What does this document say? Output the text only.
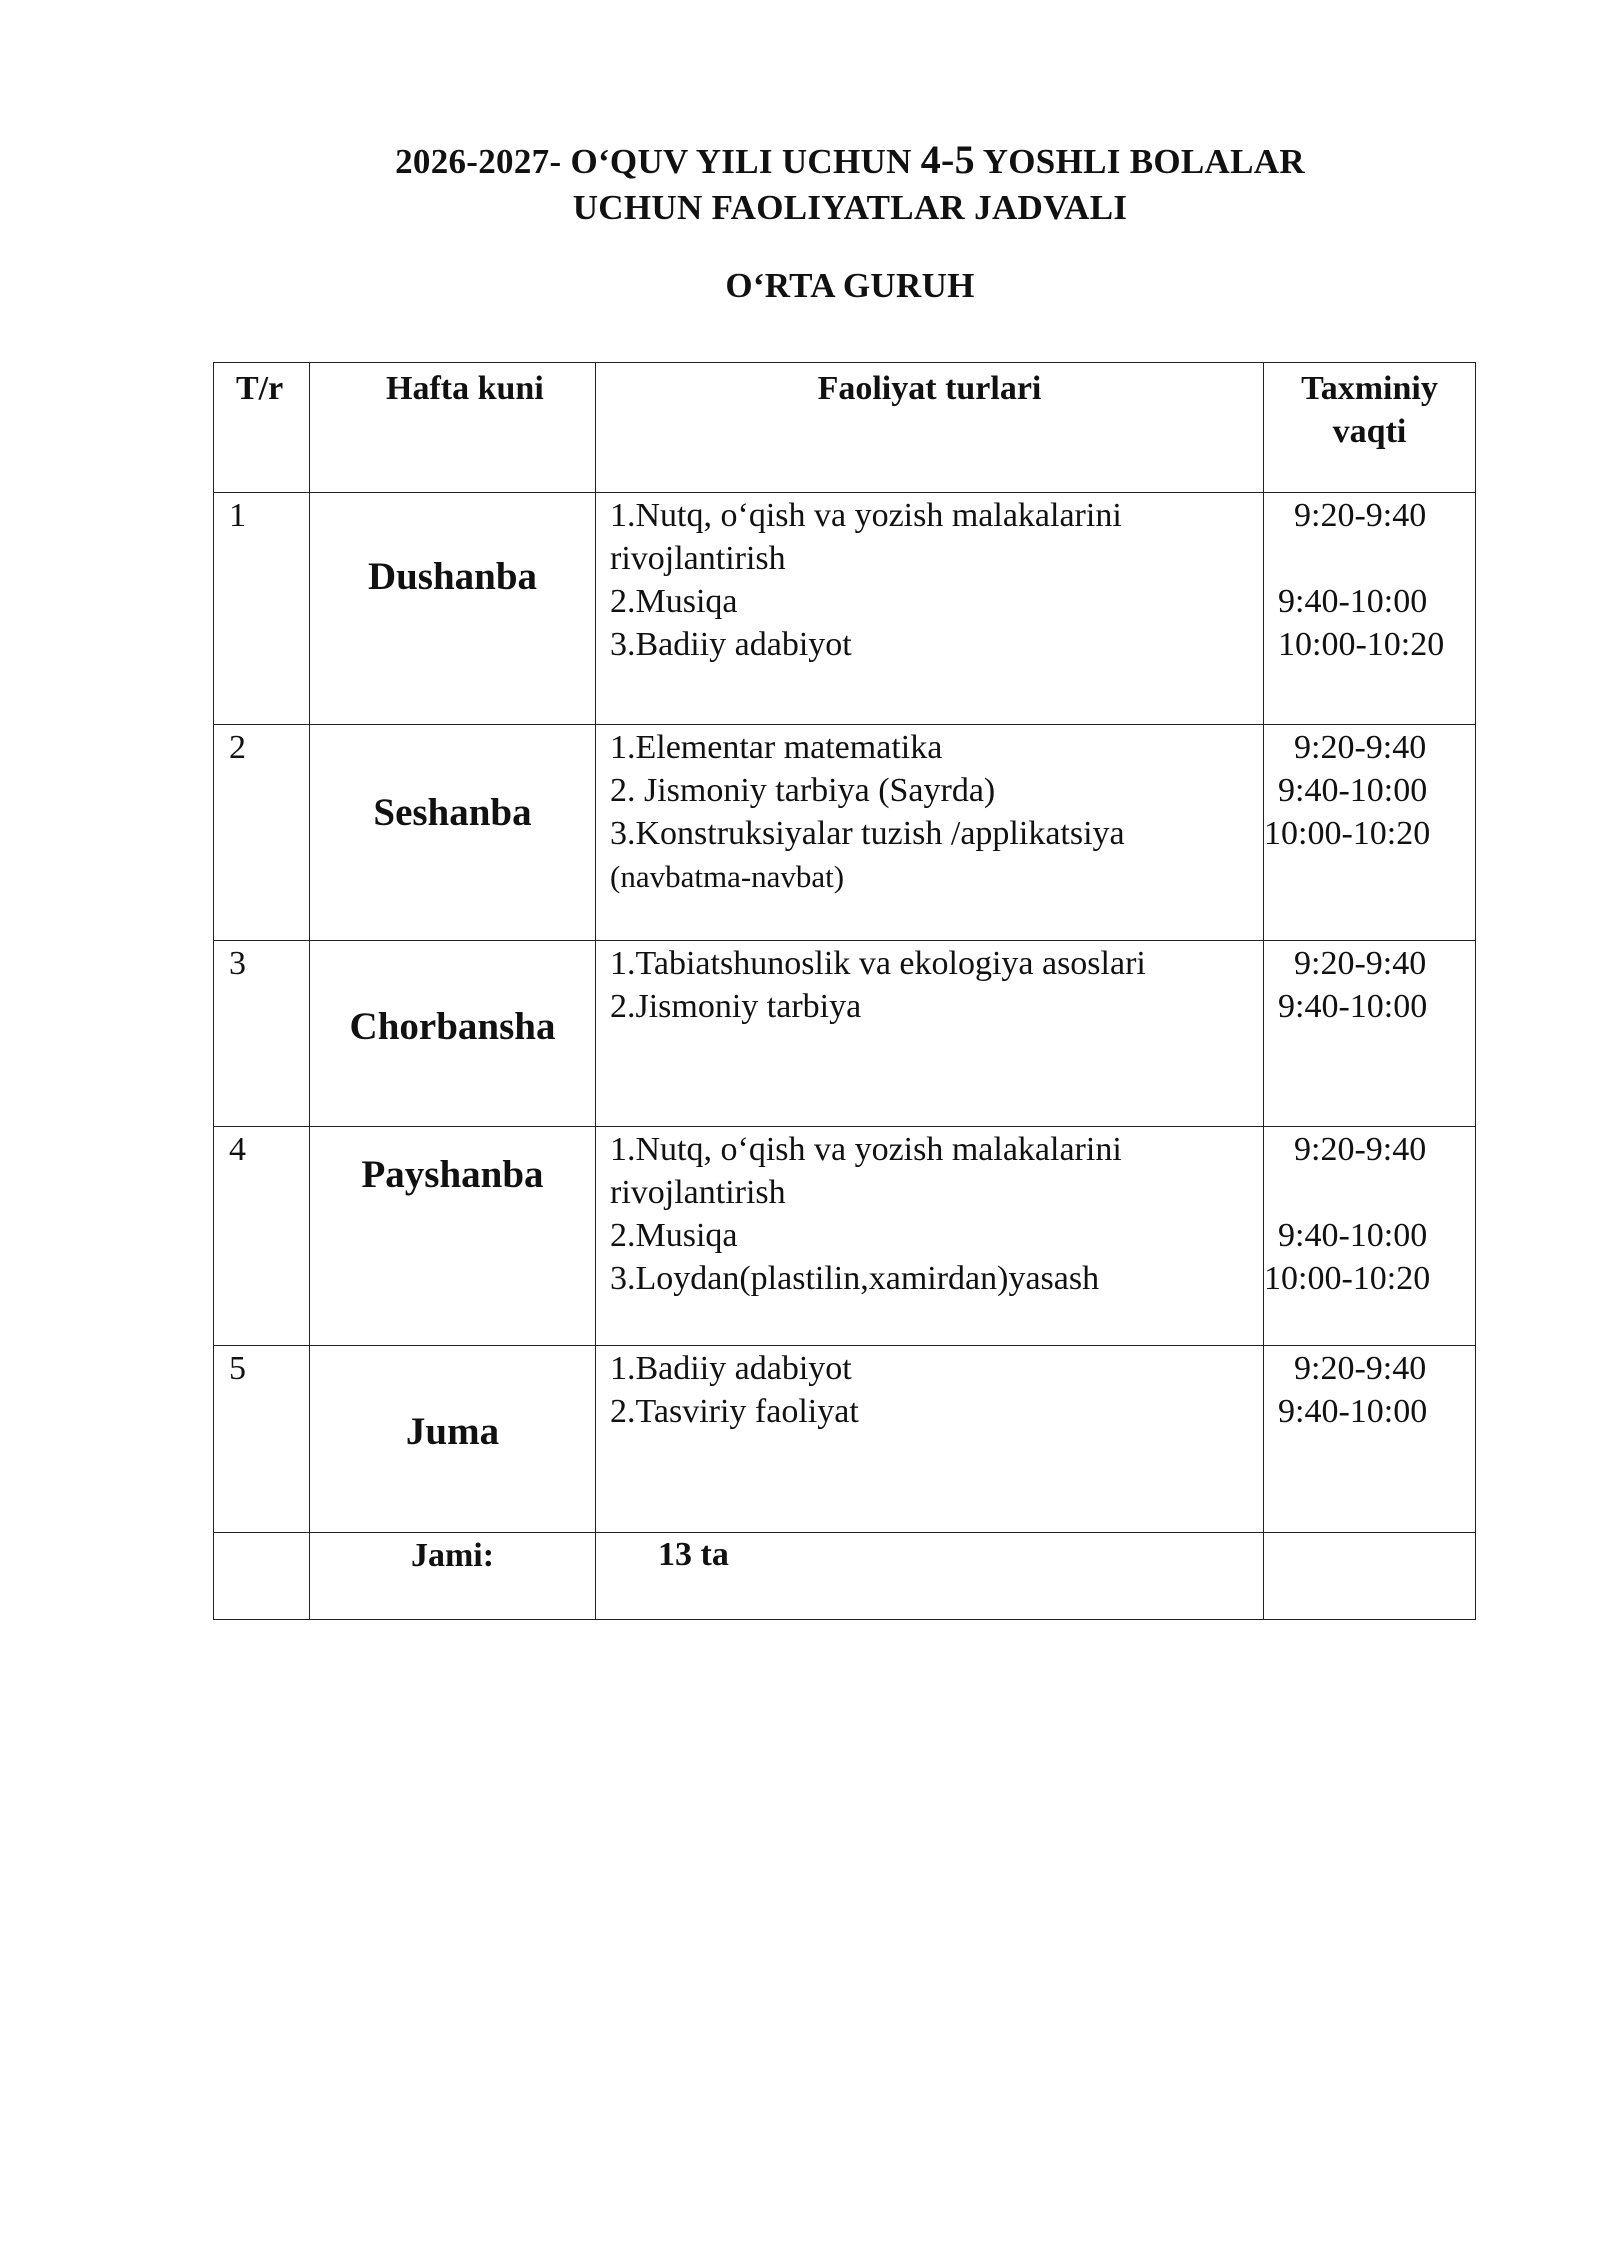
2026-2027- O‘QUV YILI UCHUN 4-5 YOSHLI BOLALAR
UCHUN FAOLIYATLAR JADVALI
O‘RTA GURUH
T/r	Hafta kuni	Faoliyat turlari	Taxminiy
vaqti

1	Dushanba	1.Nutq, o‘qish va yozish malakalarini
rivojlantirish
2.Musiqa
3.Badiiy adabiyot	9:20-9:40
9:40-10:00
10:00-10:20

2	Seshanba	1.Elementar matematika
2. Jismoniy tarbiya (Sayrda)
3.Konstruksiyalar tuzish /applikatsiya
(navbatma-navbat)	9:20-9:40
9:40-10:00
10:00-10:20

3	Chorbansha	1.Tabiatshunoslik va ekologiya asoslari
2.Jismoniy tarbiya	9:20-9:40
9:40-10:00

4	Payshanba	1.Nutq, o‘qish va yozish malakalarini
rivojlantirish
2.Musiqa
3.Loydan(plastilin,xamirdan)yasash	9:20-9:40
9:40-10:00
10:00-10:20

5	Juma	1.Badiiy adabiyot
2.Tasviriy faoliyat	9:20-9:40
9:40-10:00

	Jami:	13 ta	
